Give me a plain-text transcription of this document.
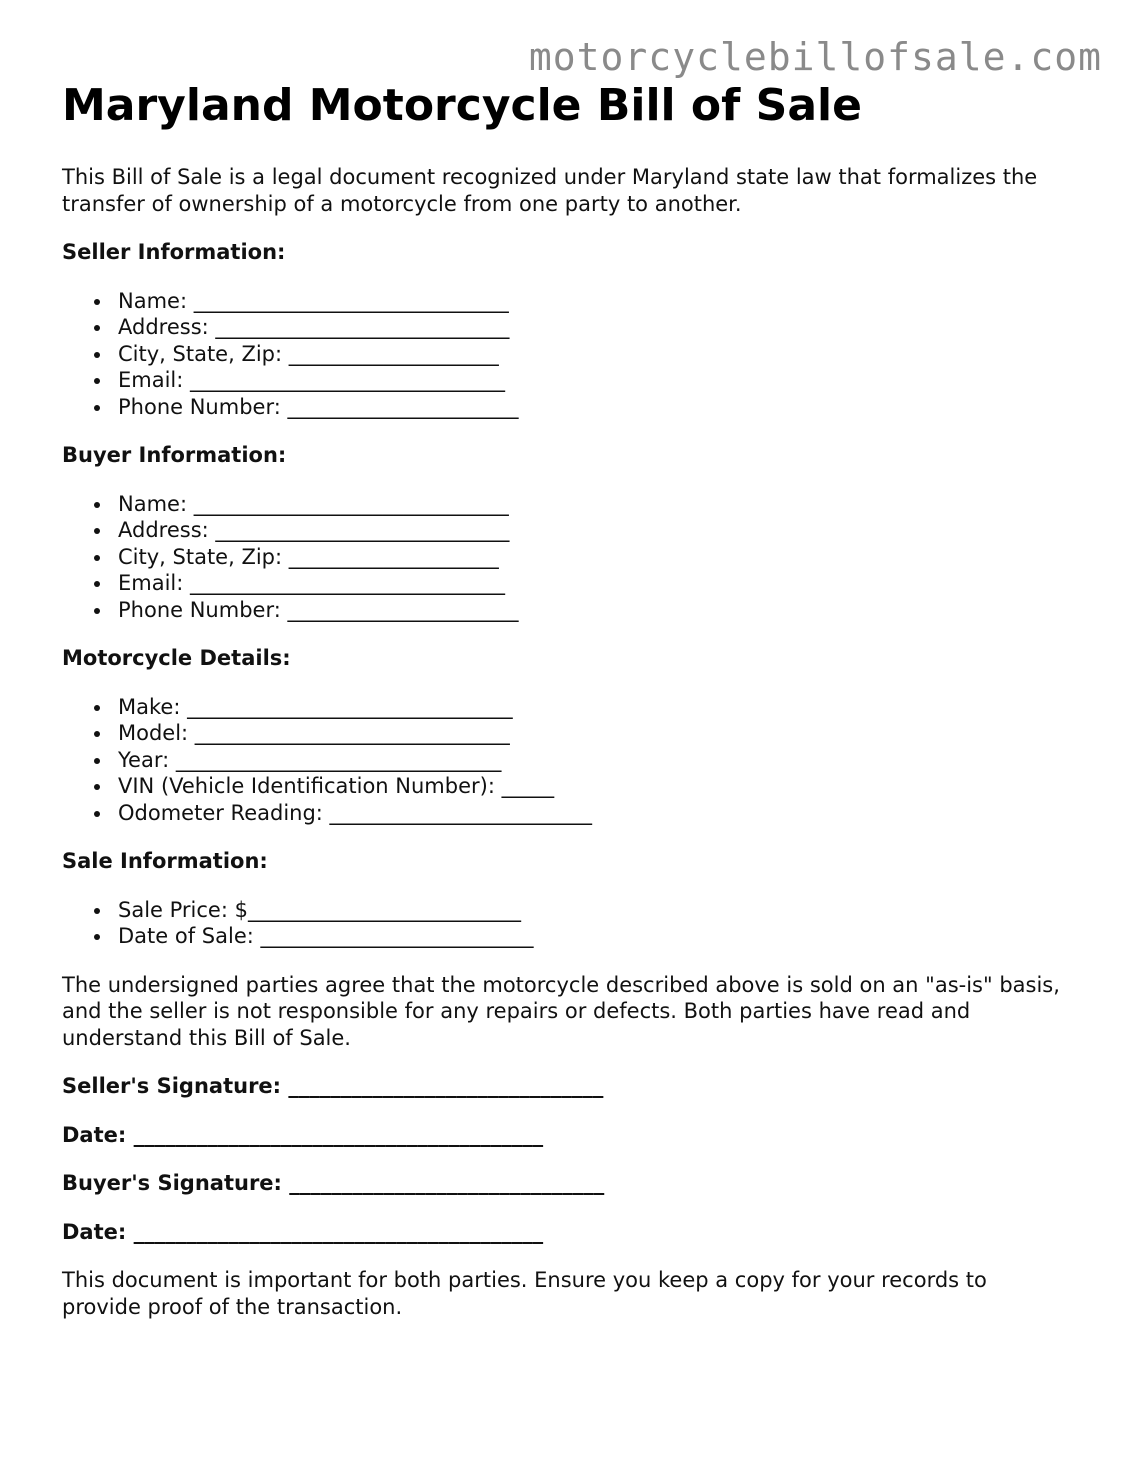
motorcyclebillofsale.com
Maryland Motorcycle Bill of Sale

This Bill of Sale is a legal document recognized under Maryland state law that formalizes the transfer of ownership of a motorcycle from one party to another.

Seller Information:
Name: ______________________________
Address: ____________________________
City, State, Zip: ____________________
Email: ______________________________
Phone Number: ______________________
Buyer Information:
Name: ______________________________
Address: ____________________________
City, State, Zip: ____________________
Email: ______________________________
Phone Number: ______________________
Motorcycle Details:
Make: _______________________________
Model: ______________________________
Year: _______________________________
VIN (Vehicle Identification Number): _____
Odometer Reading: _________________________
Sale Information:
Sale Price: $__________________________
Date of Sale: __________________________

The undersigned parties agree that the motorcycle described above is sold on an "as-is" basis, and the seller is not responsible for any repairs or defects. Both parties have read and understand this Bill of Sale.

Seller's Signature: ______________________________
Date: _______________________________________
Buyer's Signature: ______________________________
Date: _______________________________________

This document is important for both parties. Ensure you keep a copy for your records to provide proof of the transaction.
